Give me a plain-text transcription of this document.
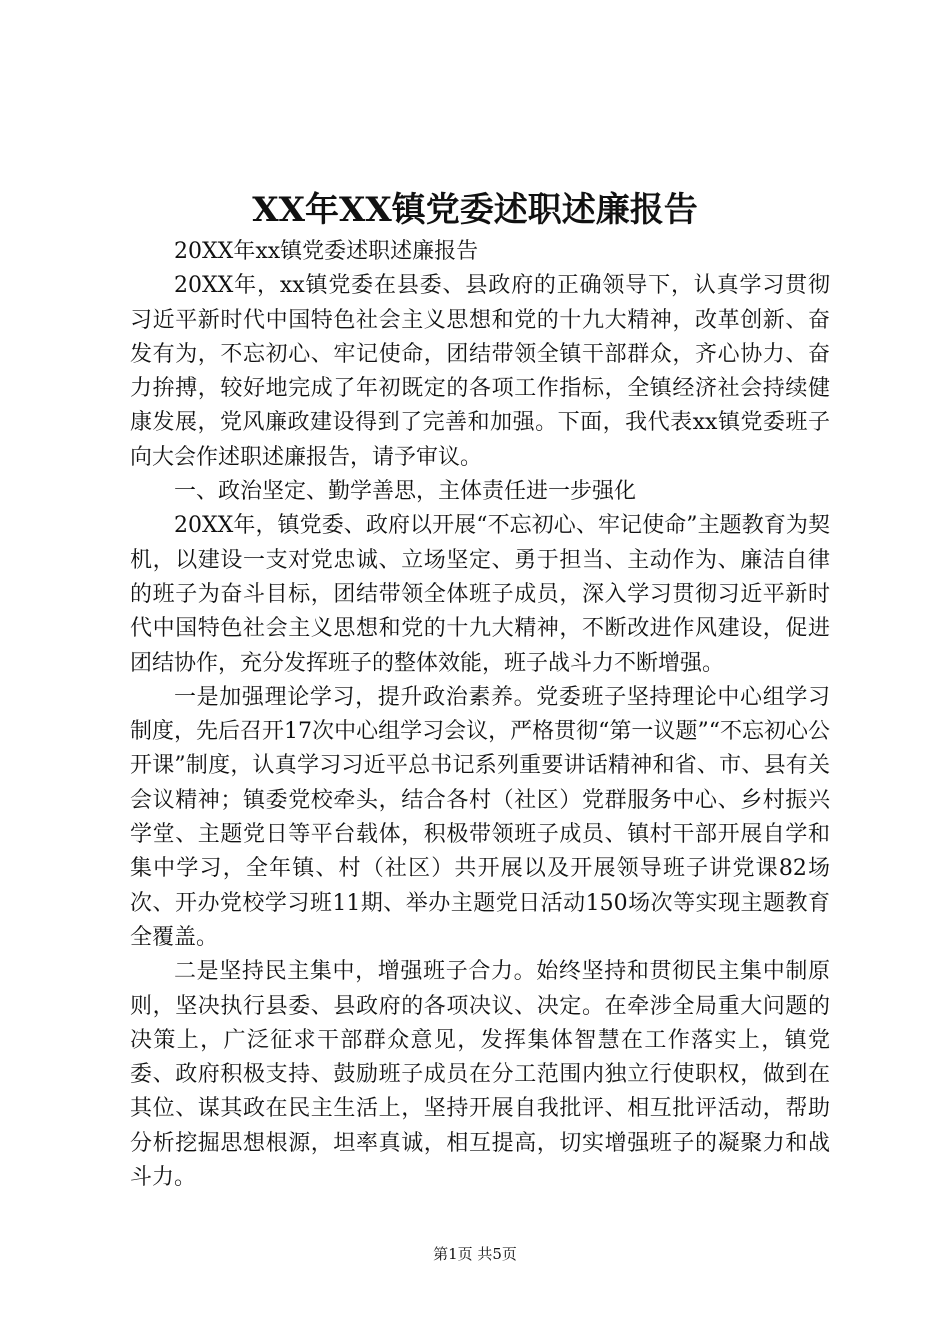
XX年XX镇党委述职述廉报告

20XX年xx镇党委述职述廉报告

20XX年，xx镇党委在县委、县政府的正确领导下，认真学习贯彻习近平新时代中国特色社会主义思想和党的十九大精神，改革创新、奋发有为，不忘初心、牢记使命，团结带领全镇干部群众，齐心协力、奋力拚搏，较好地完成了年初既定的各项工作指标，全镇经济社会持续健康发展，党风廉政建设得到了完善和加强。下面，我代表xx镇党委班子向大会作述职述廉报告，请予审议。

一、政治坚定、勤学善思，主体责任进一步强化

20XX年，镇党委、政府以开展“不忘初心、牢记使命”主题教育为契机，以建设一支对党忠诚、立场坚定、勇于担当、主动作为、廉洁自律的班子为奋斗目标，团结带领全体班子成员，深入学习贯彻习近平新时代中国特色社会主义思想和党的十九大精神，不断改进作风建设，促进团结协作，充分发挥班子的整体效能，班子战斗力不断增强。

一是加强理论学习，提升政治素养。党委班子坚持理论中心组学习制度，先后召开17次中心组学习会议，严格贯彻“第一议题”“不忘初心公开课”制度，认真学习习近平总书记系列重要讲话精神和省、市、县有关会议精神；镇委党校牵头，结合各村（社区）党群服务中心、乡村振兴学堂、主题党日等平台载体，积极带领班子成员、镇村干部开展自学和集中学习，全年镇、村（社区）共开展以及开展领导班子讲党课82场次、开办党校学习班11期、举办主题党日活动150场次等实现主题教育全覆盖。

二是坚持民主集中，增强班子合力。始终坚持和贯彻民主集中制原则，坚决执行县委、县政府的各项决议、决定。在牵涉全局重大问题的决策上，广泛征求干部群众意见，发挥集体智慧在工作落实上，镇党委、政府积极支持、鼓励班子成员在分工范围内独立行使职权，做到在其位、谋其政在民主生活上，坚持开展自我批评、相互批评活动，帮助分析挖掘思想根源，坦率真诚，相互提高，切实增强班子的凝聚力和战斗力。

第1页 共5页
